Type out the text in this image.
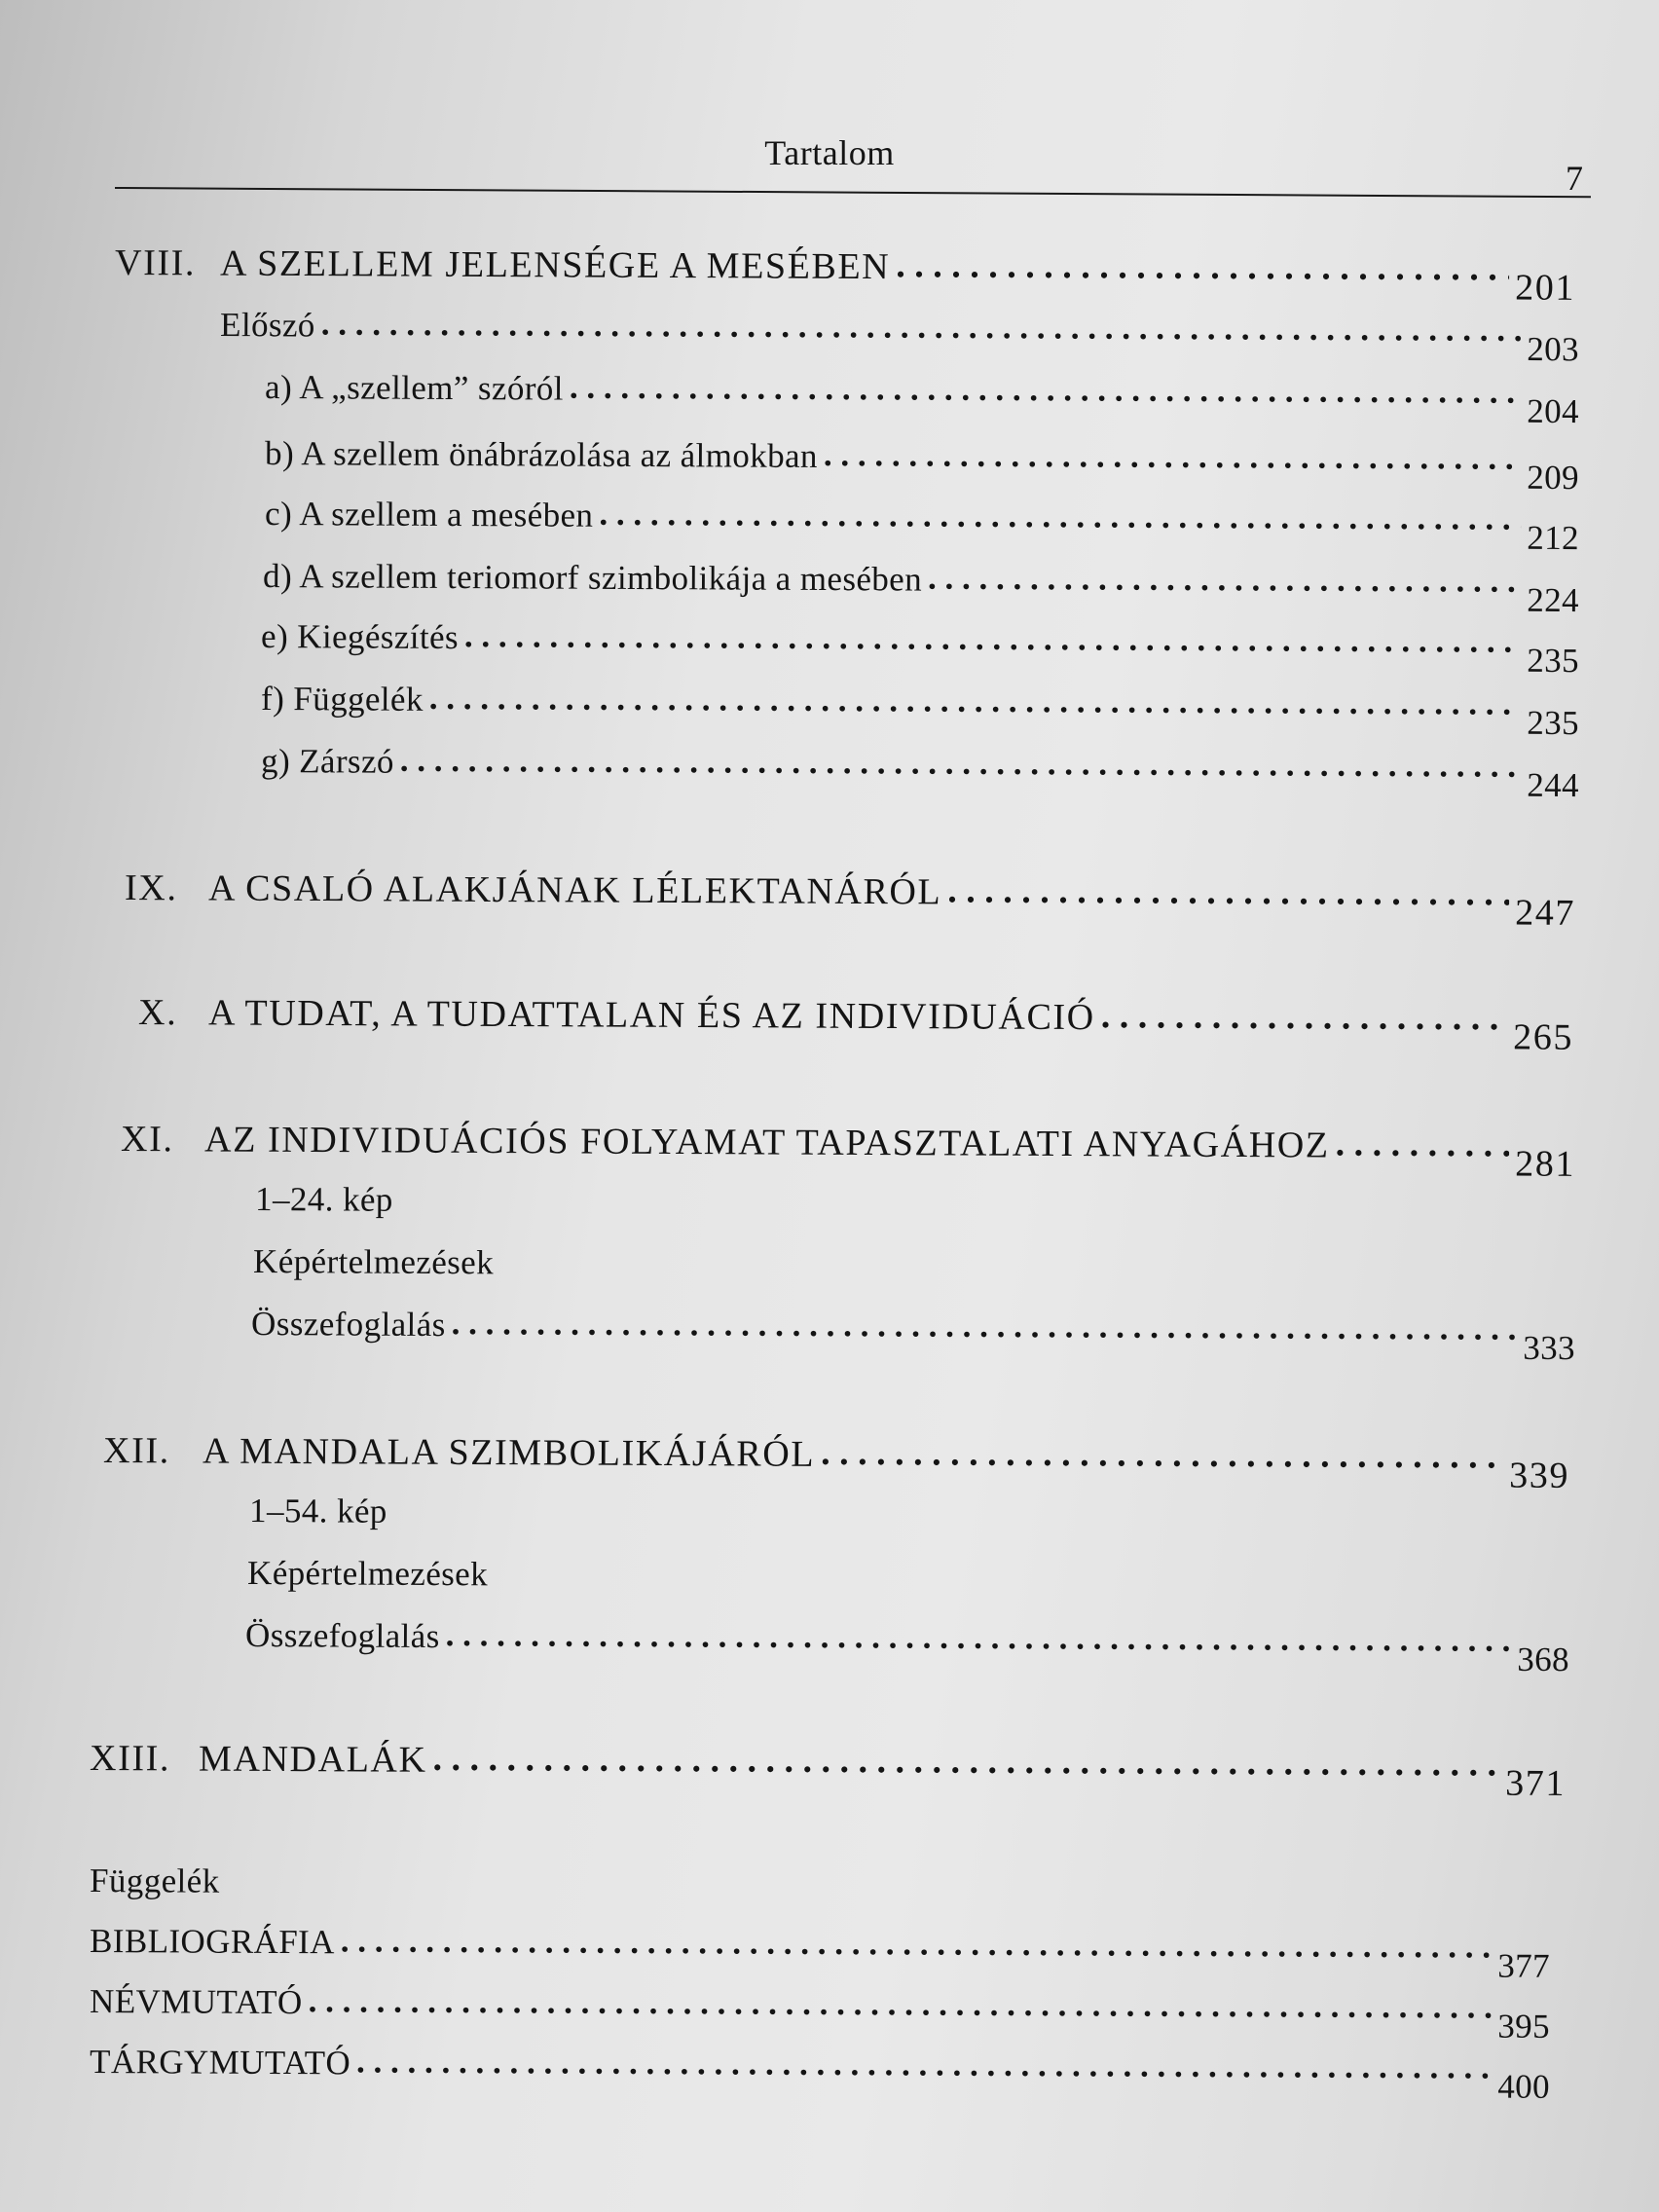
Tartalom
7
VIII. A SZELLEM JELENSÉGE A MESÉBEN
. . .
201
Előszó
. . .
203
a) A „szellem” szóról
. . .
204
b) A szellem önábrázolása az álmokban
. . .
209
c) A szellem a mesében
. . .
212
d) A szellem teriomorf szimbolikája a mesében
. . .
224
e) Kiegészítés
. . .
235
f) Függelék
. . .
235
g) Zárszó
. . .
244
IX. A CSALÓ ALAKJÁNAK LÉLEKTANÁRÓL
. . .
247
X. A TUDAT, A TUDATTALAN ÉS AZ INDIVIDUÁCIÓ . . .	265
XI. AZ INDIVIDUÁCIÓS FOLYAMAT TAPASZTALATI ANYAGÁHOZ . . .	281
1–24. kép
Képértelmezések
Összefoglalás
. . .
333
XII. A MANDALA SZIMBOLIKÁJÁRÓL
. . .
339
1–54. kép
Képértelmezések
Összefoglalás
. . .
368
XIII. MANDALÁK
. . .
371
Függelék
BIBLIOGRÁFIA
. . .
377
NÉVMUTATÓ
. . .
395
TÁRGYMUTATÓ
. . .
400
